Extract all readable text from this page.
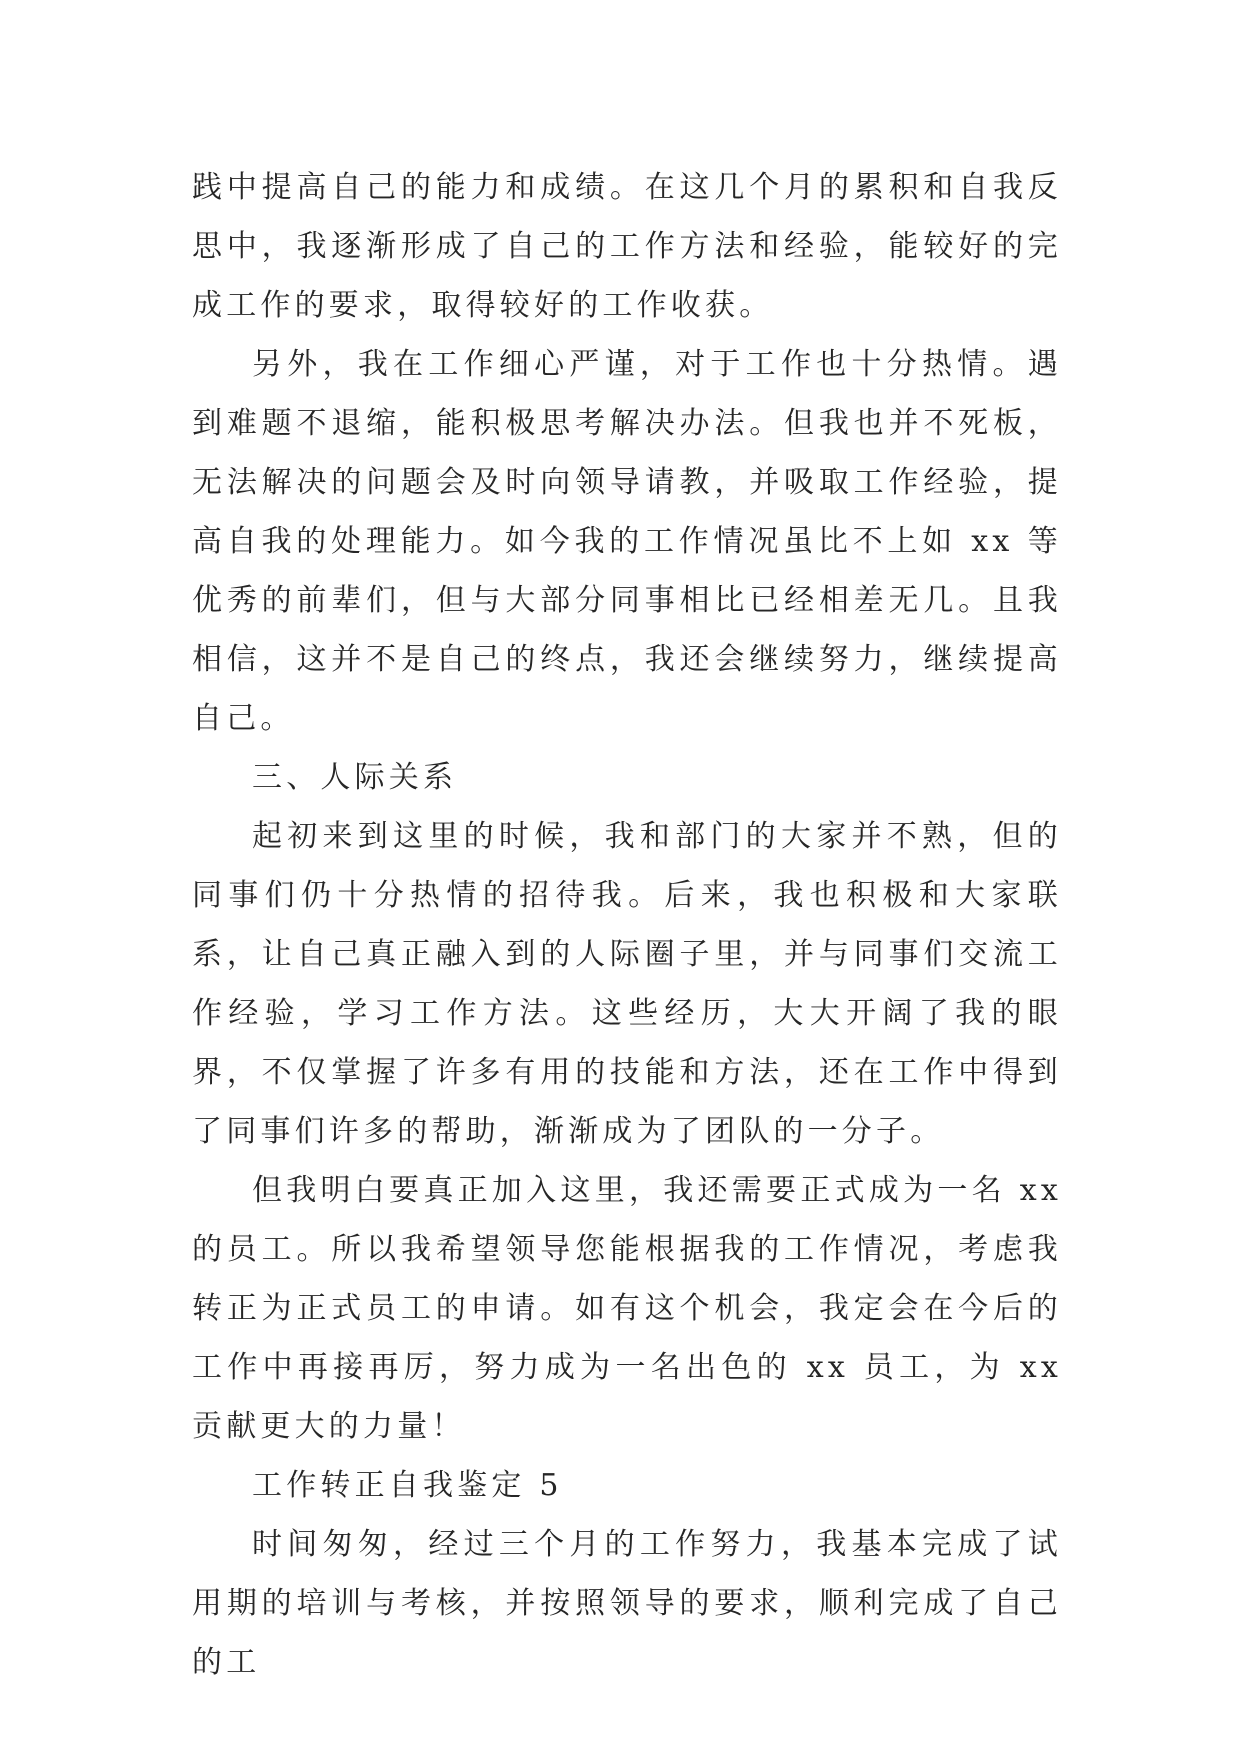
践中提高自己的能力和成绩。在这几个月的累积和自我反思中，我逐渐形成了自己的工作方法和经验，能较好的完成工作的要求，取得较好的工作收获。

另外，我在工作细心严谨，对于工作也十分热情。遇到难题不退缩，能积极思考解决办法。但我也并不死板，无法解决的问题会及时向领导请教，并吸取工作经验，提高自我的处理能力。如今我的工作情况虽比不上如 xx 等优秀的前辈们，但与大部分同事相比已经相差无几。且我相信，这并不是自己的终点，我还会继续努力，继续提高自己。

三、人际关系

起初来到这里的时候，我和部门的大家并不熟，但的同事们仍十分热情的招待我。后来，我也积极和大家联系，让自己真正融入到的人际圈子里，并与同事们交流工作经验，学习工作方法。这些经历，大大开阔了我的眼界，不仅掌握了许多有用的技能和方法，还在工作中得到了同事们许多的帮助，渐渐成为了团队的一分子。

但我明白要真正加入这里，我还需要正式成为一名 xx 的员工。所以我希望领导您能根据我的工作情况，考虑我转正为正式员工的申请。如有这个机会，我定会在今后的工作中再接再厉，努力成为一名出色的 xx 员工，为 xx 贡献更大的力量！

工作转正自我鉴定 5

时间匆匆，经过三个月的工作努力，我基本完成了试用期的培训与考核，并按照领导的要求，顺利完成了自己的工
